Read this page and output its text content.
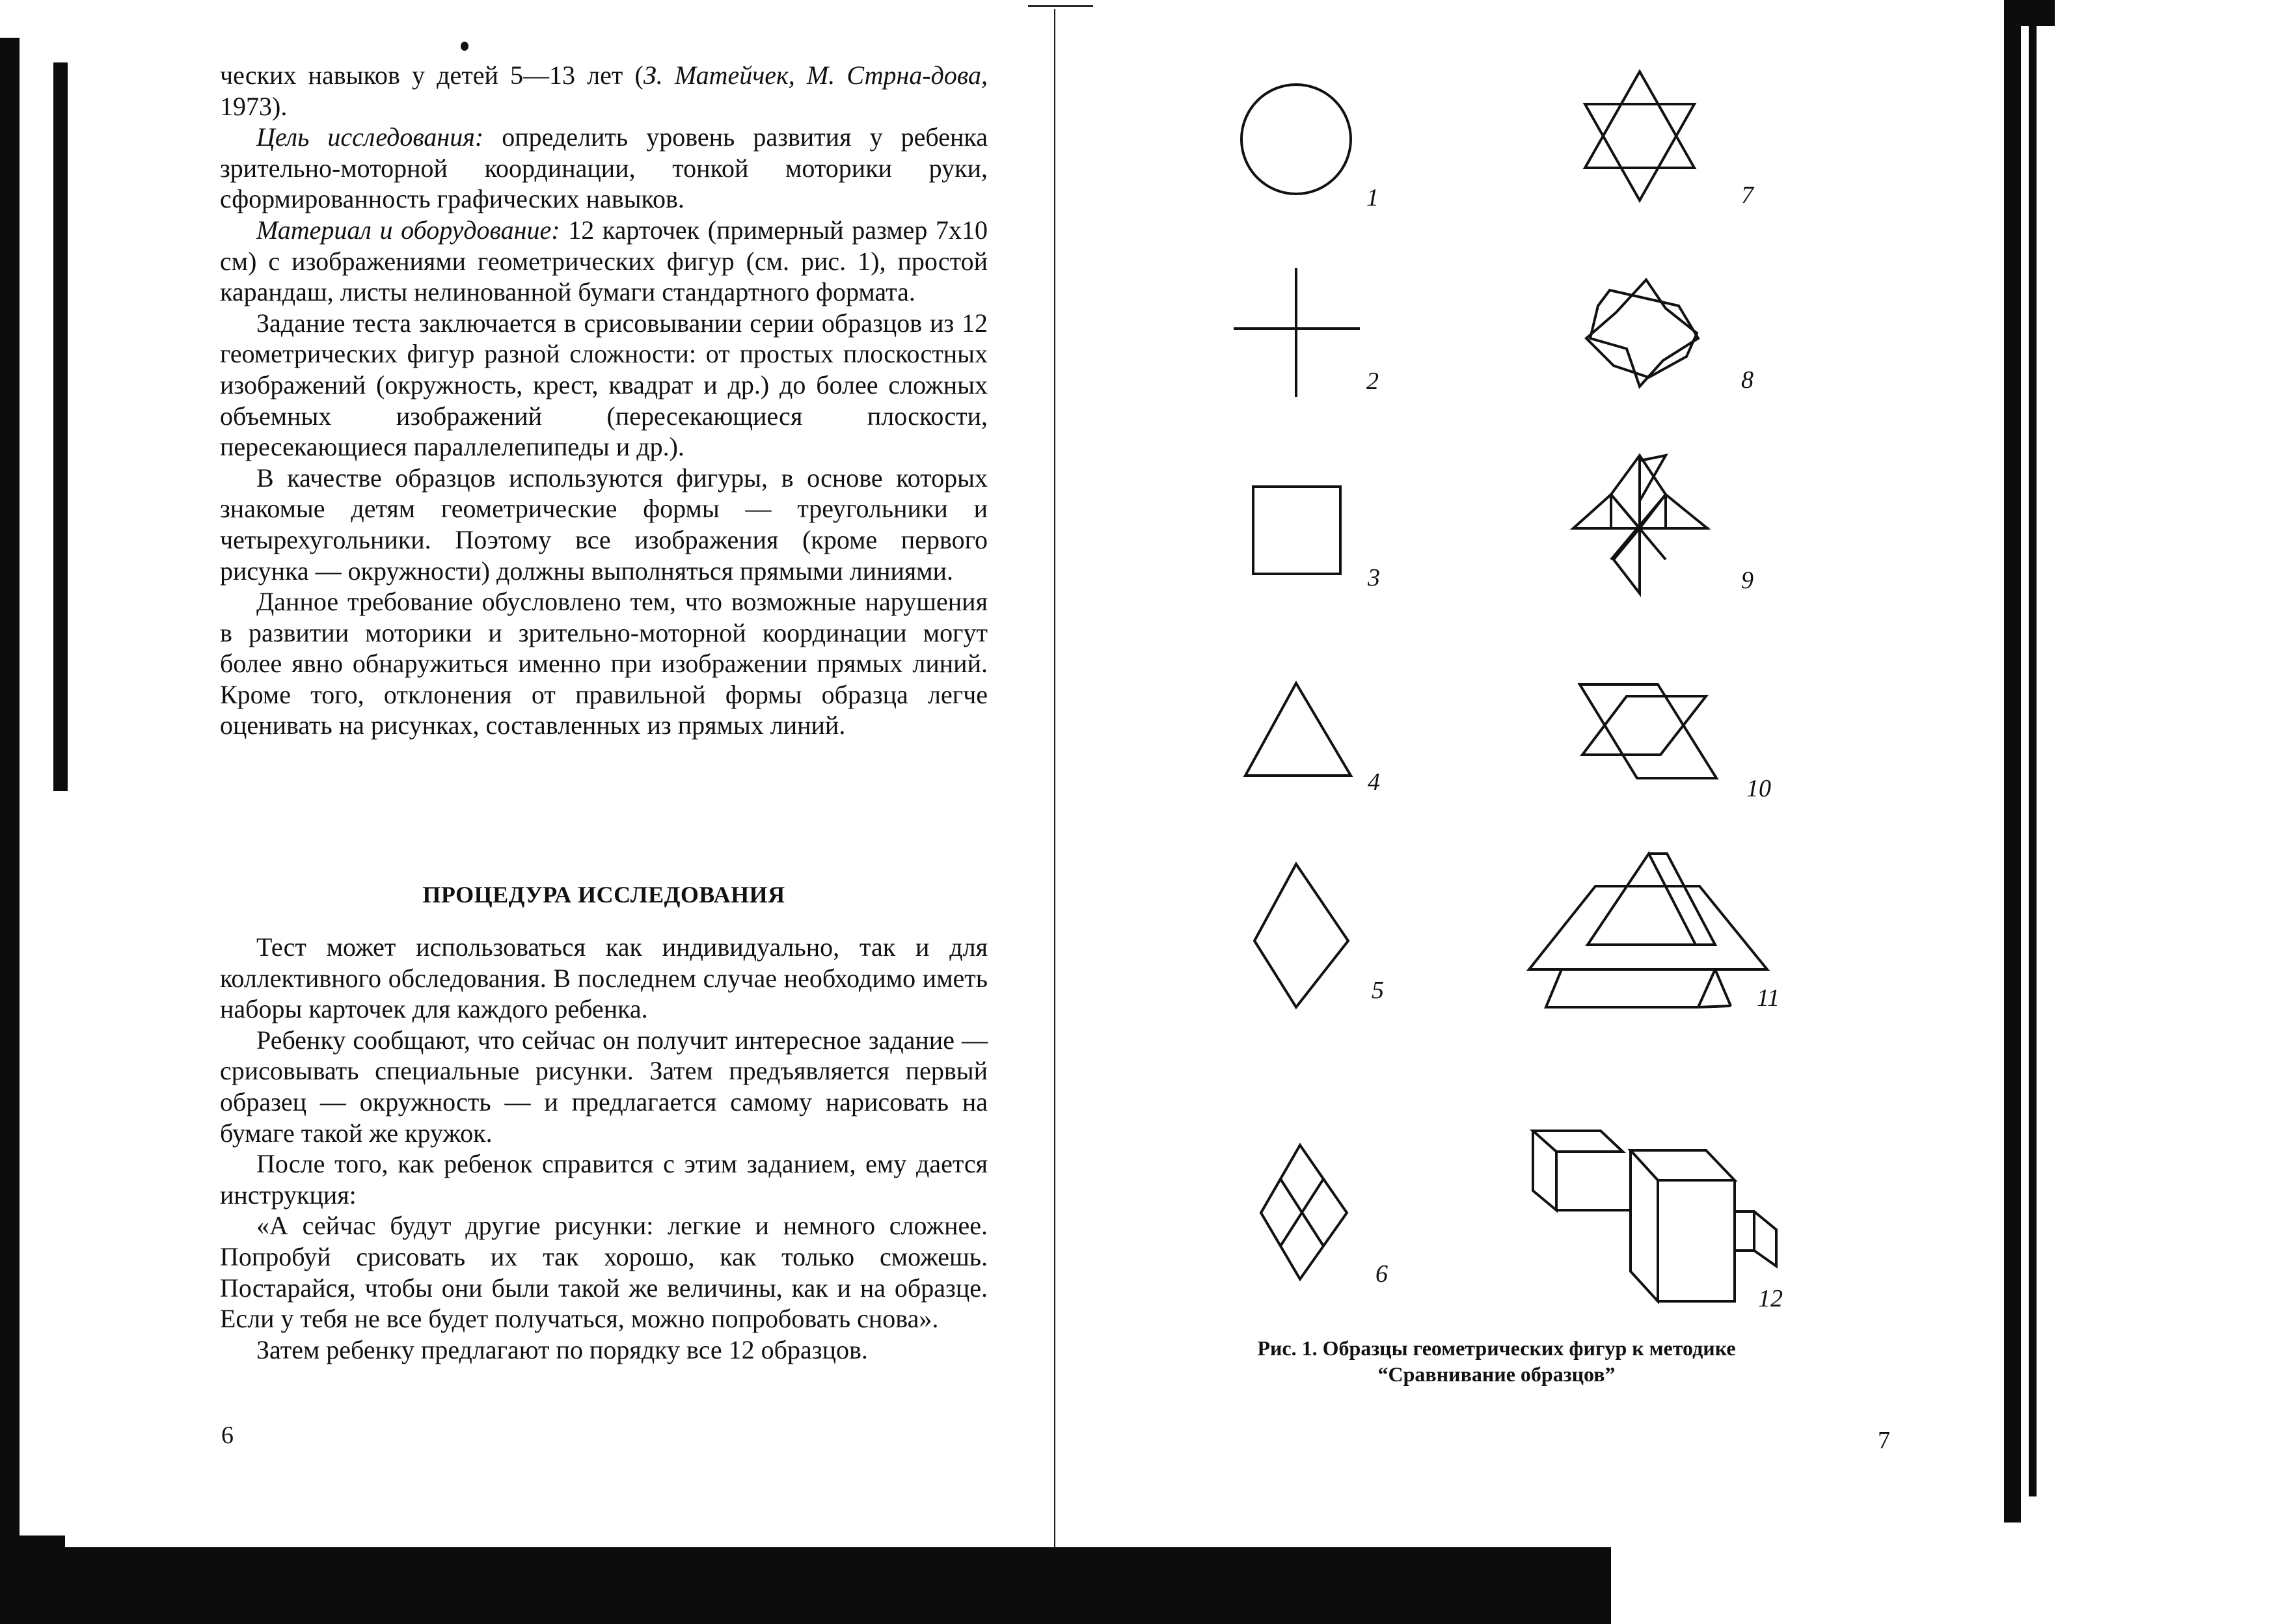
ческих навыков у детей 5—13 лет (З. Матейчек, М. Стрна-дова, 1973).

Цель исследования: определить уровень развития у ребенка зрительно-моторной координации, тонкой моторики руки, сформированность графических навыков.

Материал и оборудование: 12 карточек (примерный размер 7x10 см) с изображениями геометрических фигур (см. рис. 1), простой карандаш, листы нелинованной бумаги стандартного формата.

Задание теста заключается в срисовывании серии образцов из 12 геометрических фигур разной сложности: от простых плоскостных изображений (окружность, крест, квадрат и др.) до более сложных объемных изображений (пересекающиеся плоскости, пересекающиеся параллелепипеды и др.).

В качестве образцов используются фигуры, в основе которых знакомые детям геометрические формы — треугольники и четырехугольники. Поэтому все изображения (кроме первого рисунка — окружности) должны выполняться прямыми линиями.

Данное требование обусловлено тем, что возможные нарушения в развитии моторики и зрительно-моторной координации могут более явно обнаружиться именно при изображении прямых линий. Кроме того, отклонения от правильной формы образца легче оценивать на рисунках, составленных из прямых линий.

ПРОЦЕДУРА ИССЛЕДОВАНИЯ

Тест может использоваться как индивидуально, так и для коллективного обследования. В последнем случае необходимо иметь наборы карточек для каждого ребенка.

Ребенку сообщают, что сейчас он получит интересное задание — срисовывать специальные рисунки. Затем предъявляется первый образец — окружность — и предлагается самому нарисовать на бумаге такой же кружок.

После того, как ребенок справится с этим заданием, ему дается инструкция:

«А сейчас будут другие рисунки: легкие и немного сложнее. Попробуй срисовать их так хорошо, как только сможешь. Постарайся, чтобы они были такой же величины, как и на образце. Если у тебя не все будет получаться, можно попробовать снова».

Затем ребенку предлагают по порядку все 12 образцов.

6
1
2
3
4
5
6
7
8
9
10
11
12
Рис. 1. Образцы геометрических фигур к методике
“Сравнивание образцов”
7
